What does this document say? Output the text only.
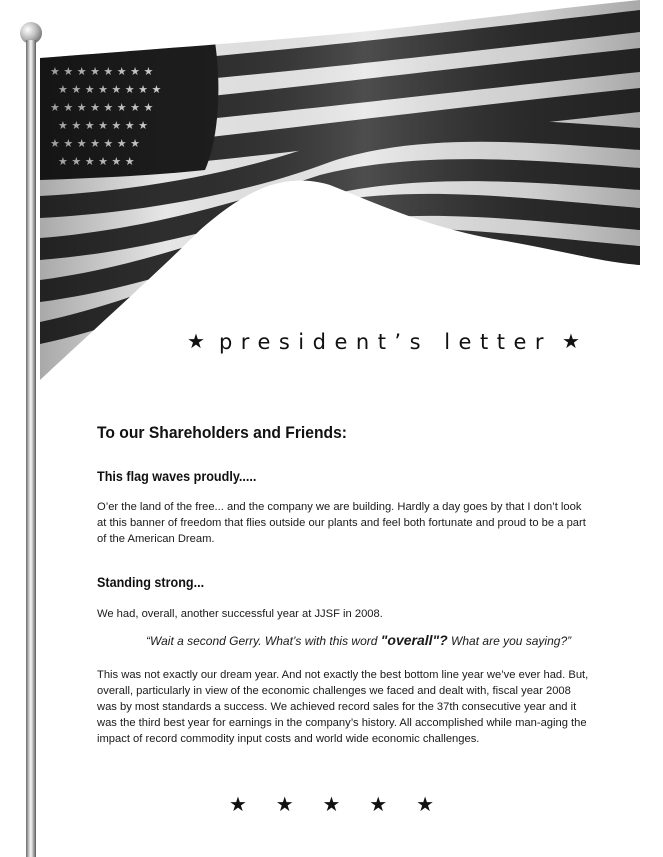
★ president’s letter ★
To our Shareholders and Friends:
This flag waves proudly.....
O’er the land of the free... and the company we are building. Hardly a day goes by that I don’t look at this banner of freedom that flies outside our plants and feel both fortunate and proud to be a part of the American Dream.
Standing strong...
We had, overall, another successful year at JJSF in 2008.
“Wait a second Gerry. What’s with this word "overall"? What are you saying?”
This was not exactly our dream year. And not exactly the best bottom line year we’ve ever had. But, overall, particularly in view of the economic challenges we faced and dealt with, fiscal year 2008 was by most standards a success. We achieved record sales for the 37th consecutive year and it was the third best year for earnings in the company’s history. All accomplished while man-aging the impact of record commodity input costs and world wide economic challenges.
★ ★ ★ ★ ★
